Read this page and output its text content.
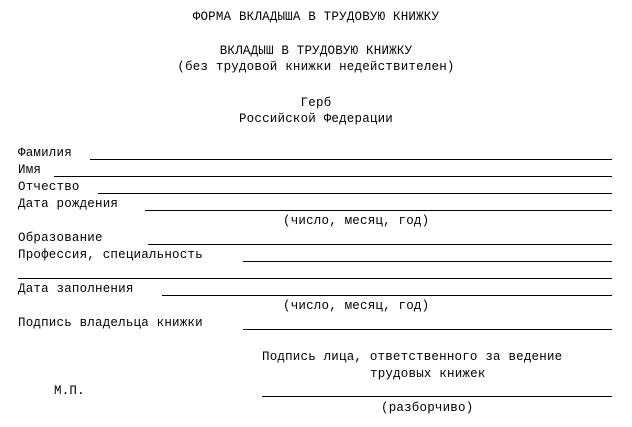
ФОРМА ВКЛАДЫША В ТРУДОВУЮ КНИЖКУ
ВКЛАДЫШ В ТРУДОВУЮ КНИЖКУ
(без трудовой книжки недействителен)
Герб
Российской Федерации
Фамилия
Имя
Отчество
Дата рождения
(число, месяц, год)
Образование
Профессия, специальность
Дата заполнения
(число, месяц, год)
Подпись владельца книжки
Подпись лица, ответственного за ведение
трудовых книжек
М.П.
(разборчиво)
